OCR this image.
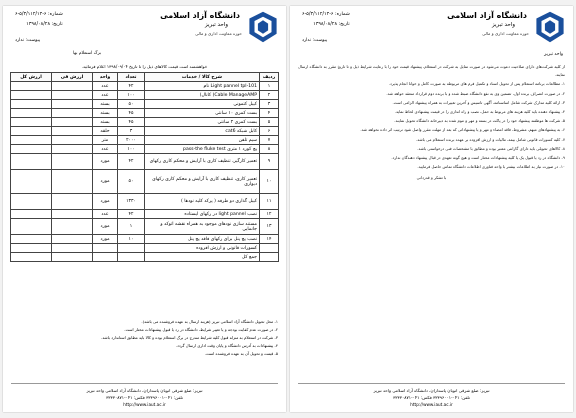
دانشگاه آزاد اسلامی
واحد تبریز
حوزه معاونت اداری و مالی
شماره: ۶-۵/۳/۱۱۲/۱۴-۶
تاریخ: ۱۳۹۸/۰۸/۲۸
پیوست: ندارد
برگ استعلام بها
خواهشمند است قیمت کالاهای ذیل را تا تاریخ ۱۳۹۸/۰۹/۰۴ اعلام فرمائید.
ردیف	شرح کالا / خدمات	تعداد	واحد	ارزش فی	ارزش کل
۱	Light pannel tpl-101 نام	۴۲	عدد		
۲	Cable ManageAMP) کانال)	۱۰۰	عدد		
۳	کیبل کتمونی	۵۰	بسته		
۴	بست کمری ۱۰ سانتی	۴۵	بسته		
۵	بست کمری ۲ سانتی	۴۵	بسته		
۶	کابل شبکه cat6	۳	حلقه		
۷	سیم تلفن	۲۰۰۰	متر		
۸	پچ کورد ۱ متری pass-the fluke test	۱۰۰	عدد		
۹	تعمیر کارگیر، تنظیف کاری با آرایش و محکم کاری رکهای	۴۲	مورد		
۱۰	تعمیر کاری، تنظیف کاری با آرایش و محکم کاری رکهای دیواری	۵۰	مورد		
۱۱	کیبل گذاری دو طرفه ( پرکد کلیه نودها )	۱۳۳۰	مورد		
۱۲	نصب light pannel در رکهای ایستاده	۴۲	عدد		
۱۳	مستند سازی نودهای موجود به همراه نقشه اتوکد و جانمایی	۱	مورد		
۱۴	نصب پچ پنل برای رکهای فاقد پچ پنل	۱۰	مورد		
	کسورات قانونی و ارزش افزوده				
	جمع کل				

۱- محل تحویل دانشگاه آزاد اسلامی تبریز (هزینه ارسال به عهده فروشنده می باشد).

۲- در صورت عدم کفایت بودجه و یا تغییر شرایط، دانشگاه در رد یا قبول پیشنهادات مختار است.

۳- شرکت در استعلام به منزله قبول کلیه شرایط مندرج در برگ استعلام بوده و کالا باید مطابق استاندارد باشد.

۴- پیشنهادات به آدرس دانشگاه و پایان وقت اداری ارسال گردد.

۵- قیمت و تحویل آن به عهده فروشنده است.

تبریز: ضلع شرقی اتوبان پاسداران، دانشگاه آزاد اسلامی واحد تبریز
تلفن: ۰۴۱-۳۳۳۹۶۰۰۱ فکس: ۰۴۱-۳۳۳۳۰۸۷۱
http://www.iaut.ac.ir
دانشگاه آزاد اسلامی
واحد تبریز
حوزه معاونت اداری و مالی
شماره: ۶-۵/۳/۱۱۲/۱۴-۶
تاریخ: ۱۳۹۸/۰۸/۲۸
پیوست: ندارد
واحد تبریز

از کلیه شرکت‌های دارای صلاحیت دعوت می‌شود در صورت تمایل به شرکت در استعلام، پیشنهاد قیمت خود را با رعایت شرایط ذیل و تا تاریخ مقرر به دانشگاه ارسال نمایند.

۱- مطالعات برنامه استعلام پس از تحویل اسناد و تکمیل فرم های مربوطه به صورت کامل و خوانا انجام پذیرد.

۲- در صورت انصراف برنده اول، تضمین وی به نفع دانشگاه ضبط شده و با برنده دوم قرارداد منعقد خواهد شد.

۳- ارائه کلیه مدارک شرکت شامل اساسنامه، آگهی تاسیس و آخرین تغییرات به همراه پیشنهاد الزامی است.

۴- پیشنهاد دهنده باید کلیه هزینه های مربوط به حمل، نصب و راه اندازی را در قیمت پیشنهادی لحاظ نماید.

۵- شرکت ها موظفند پیشنهاد خود را در پاکت در بسته و مهر و موم شده به دبیرخانه دانشگاه تحویل نمایند.

۶- به پیشنهادهای مبهم، مشروط، فاقد امضاء و مهر و یا پیشنهاداتی که بعد از مهلت مقرر واصل شود ترتیب اثر داده نخواهد شد.

۷- کلیه کسورات قانونی شامل بیمه، مالیات و ارزش افزوده بر عهده برنده استعلام می باشد.

۸- کالاهای تحویلی باید دارای گارانتی معتبر بوده و مطابق با مشخصات فنی درخواستی باشد.

۹- دانشگاه در رد یا قبول یک یا کلیه پیشنهادات مختار است و هیچ گونه تعهدی در قبال پیشنهاد دهندگان ندارد.

۱۰- در صورت نیاز به اطلاعات بیشتر با واحد فناوری اطلاعات دانشگاه تماس حاصل فرمایید.

با تشکر و قدردانی
تبریز: ضلع شرقی اتوبان پاسداران، دانشگاه آزاد اسلامی واحد تبریز
تلفن: ۰۴۱-۳۳۳۹۶۰۰۱ فکس: ۰۴۱-۳۳۳۳۰۸۷۱
http://www.iaut.ac.ir
